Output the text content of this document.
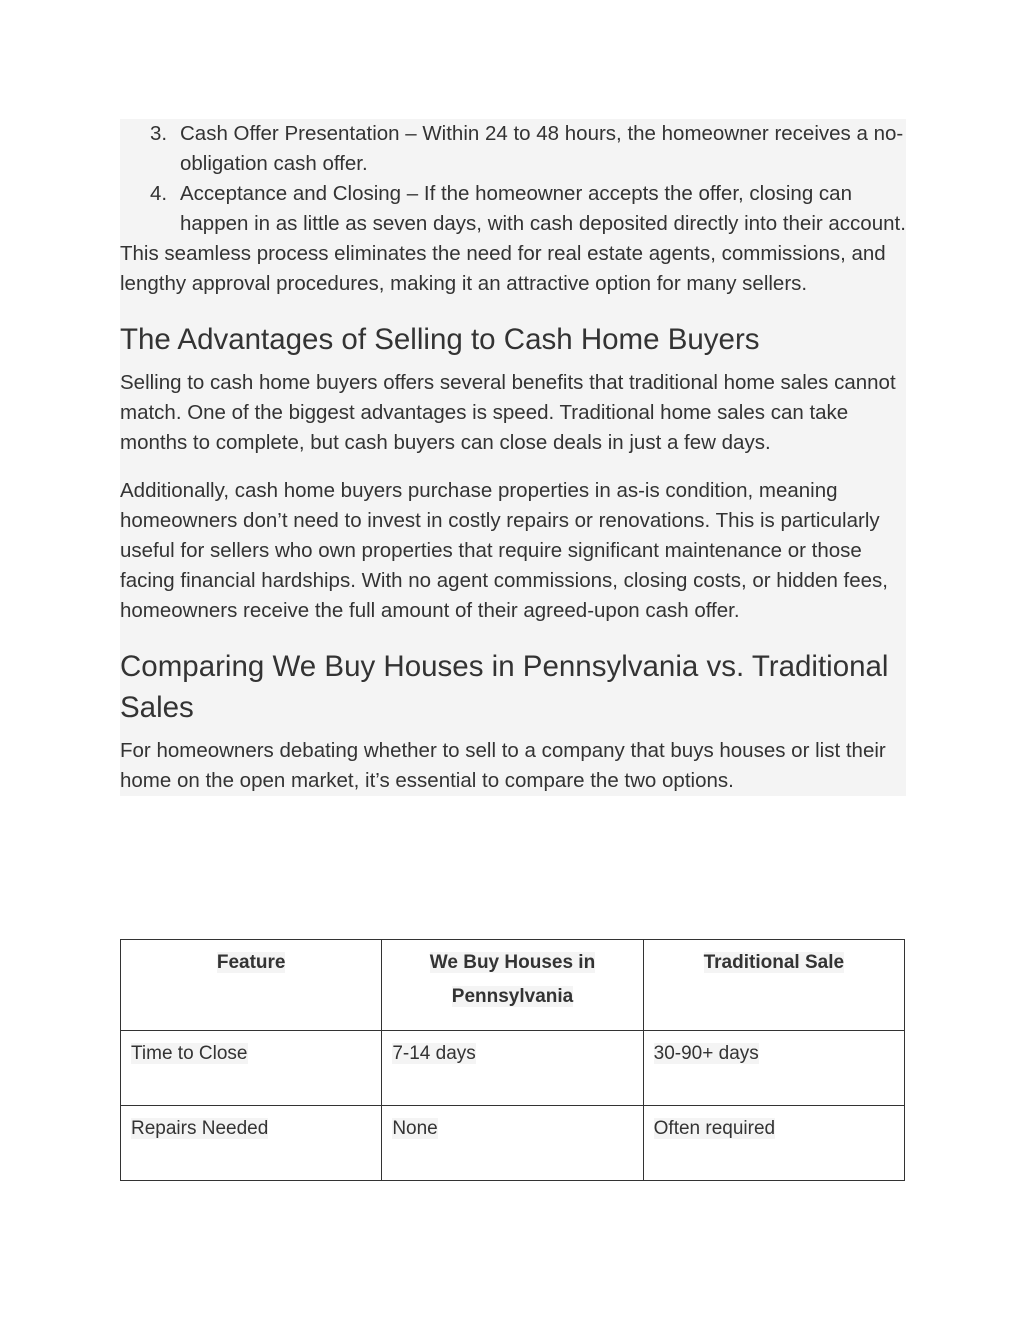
3. Cash Offer Presentation – Within 24 to 48 hours, the homeowner receives a no-obligation cash offer.
4. Acceptance and Closing – If the homeowner accepts the offer, closing can happen in as little as seven days, with cash deposited directly into their account.

This seamless process eliminates the need for real estate agents, commissions, and lengthy approval procedures, making it an attractive option for many sellers.

The Advantages of Selling to Cash Home Buyers

Selling to cash home buyers offers several benefits that traditional home sales cannot match. One of the biggest advantages is speed. Traditional home sales can take months to complete, but cash buyers can close deals in just a few days.

Additionally, cash home buyers purchase properties in as-is condition, meaning homeowners don’t need to invest in costly repairs or renovations. This is particularly useful for sellers who own properties that require significant maintenance or those facing financial hardships. With no agent commissions, closing costs, or hidden fees, homeowners receive the full amount of their agreed-upon cash offer.

Comparing We Buy Houses in Pennsylvania vs. Traditional Sales

For homeowners debating whether to sell to a company that buys houses or list their home on the open market, it’s essential to compare the two options.

Feature	We Buy Houses in Pennsylvania	Traditional Sale
Time to Close	7-14 days	30-90+ days
Repairs Needed	None	Often required
